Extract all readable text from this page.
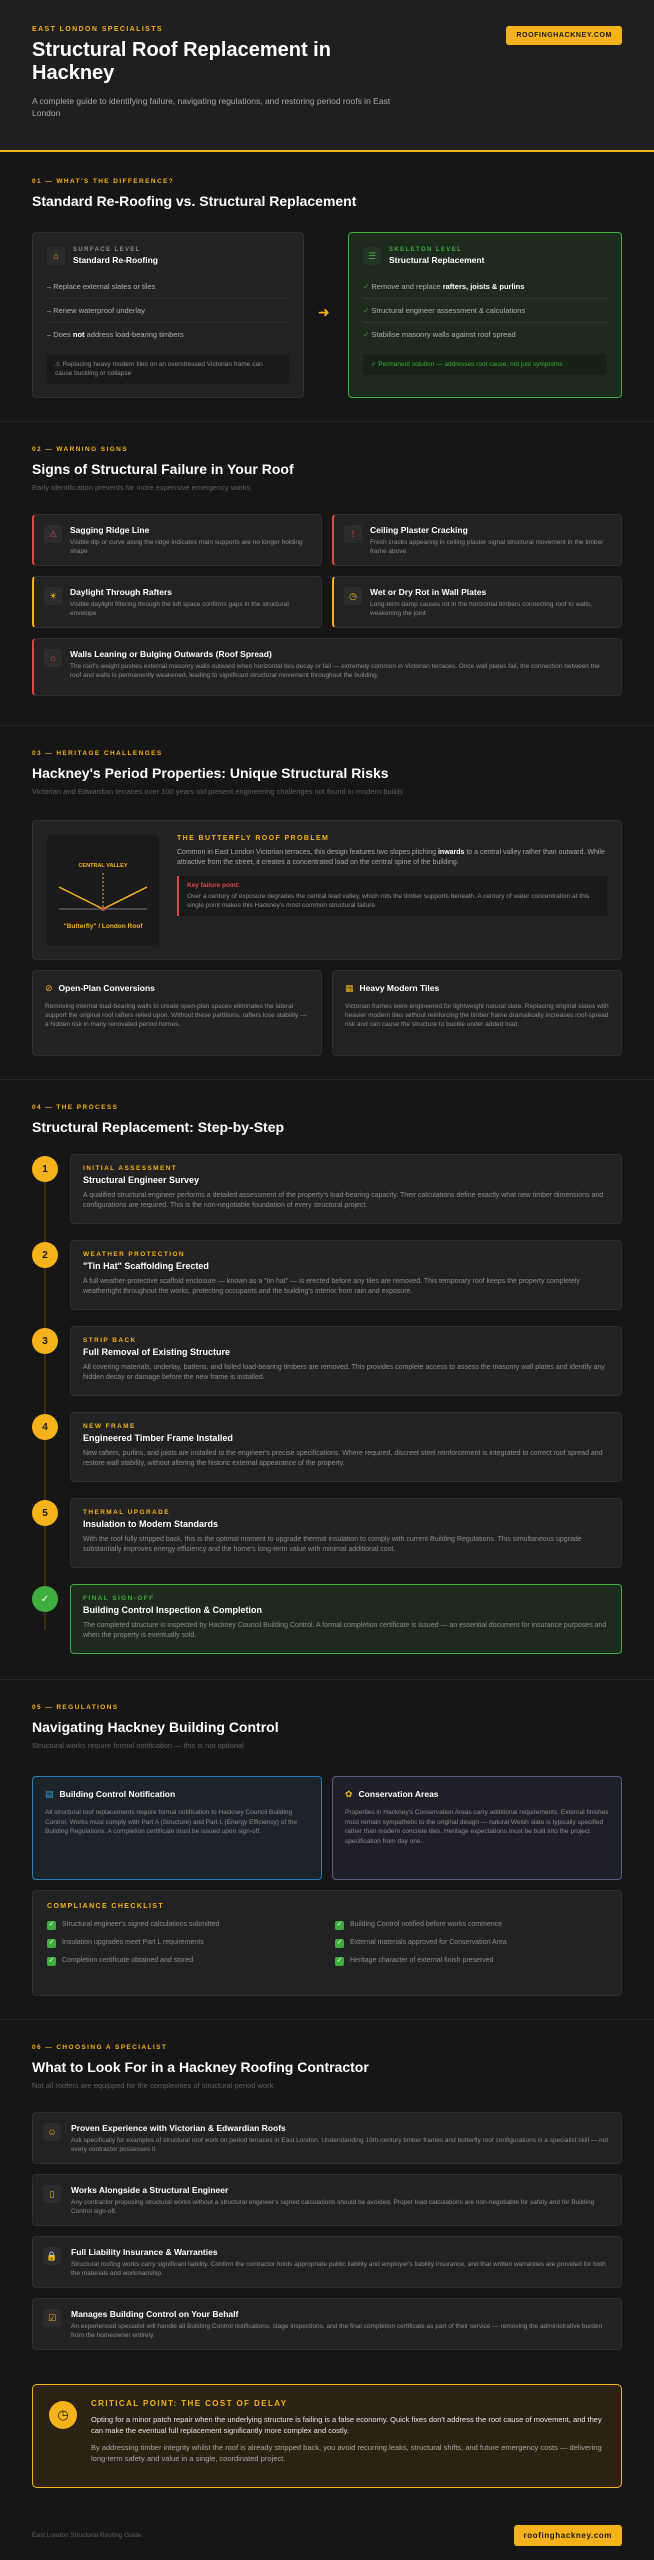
EAST LONDON SPECIALISTS
Structural Roof Replacement in Hackney

A complete guide to identifying failure, navigating regulations, and restoring period roofs in East London

ROOFINGHACKNEY.COM
01 — WHAT'S THE DIFFERENCE?
Standard Re-Roofing vs. Structural Replacement
⌂
SURFACE LEVEL
Standard Re-Roofing
– Replace external slates or tiles
– Renew waterproof underlay
– Does not address load-bearing timbers
⚠ Replacing heavy modern tiles on an overstressed Victorian frame can cause buckling or collapse
➜
☰
SKELETON LEVEL
Structural Replacement
✓ Remove and replace rafters, joists & purlins
✓ Structural engineer assessment & calculations
✓ Stabilise masonry walls against roof spread
✓ Permanent solution — addresses root cause, not just symptoms
02 — WARNING SIGNS
Signs of Structural Failure in Your Roof
Early identification prevents far more expensive emergency works
⚠	Sagging Ridge Line
Visible dip or curve along the ridge indicates main supports are no longer holding shape
!	Ceiling Plaster Cracking
Fresh cracks appearing in ceiling plaster signal structural movement in the timber frame above
☀	Daylight Through Rafters
Visible daylight filtering through the loft space confirms gaps in the structural envelope
◷	Wet or Dry Rot in Wall Plates
Long-term damp causes rot in the horizontal timbers connecting roof to walls, weakening the joint
⌂	Walls Leaning or Bulging Outwards (Roof Spread)
The roof's weight pushes external masonry walls outward when horizontal ties decay or fail — extremely common in Victorian terraces. Once wall plates fail, the connection between the roof and walls is permanently weakened, leading to significant structural movement throughout the building.
03 — HERITAGE CHALLENGES
Hackney's Period Properties: Unique Structural Risks
Victorian and Edwardian terraces over 100 years old present engineering challenges not found in modern builds
CENTRAL VALLEY
"Butterfly" / London Roof
THE BUTTERFLY ROOF PROBLEM
Common in East London Victorian terraces, this design features two slopes pitching inwards to a central valley rather than outward. While attractive from the street, it creates a concentrated load on the central spine of the building.
Key failure point:
Over a century of exposure degrades the central lead valley, which rots the timber supports beneath. A century of water concentration at this single point makes this Hackney's most common structural failure.
⊘ Open-Plan Conversions
Removing internal load-bearing walls to create open-plan spaces eliminates the lateral support the original roof rafters relied upon. Without these partitions, rafters lose stability — a hidden risk in many renovated period homes.
▦ Heavy Modern Tiles
Victorian frames were engineered for lightweight natural slate. Replacing original slates with heavier modern tiles without reinforcing the timber frame dramatically increases roof-spread risk and can cause the structure to buckle under added load.
04 — THE PROCESS
Structural Replacement: Step-by-Step
1	INITIAL ASSESSMENT
Structural Engineer Survey
A qualified structural engineer performs a detailed assessment of the property's load-bearing capacity. Their calculations define exactly what new timber dimensions and configurations are required. This is the non-negotiable foundation of every structural project.
2	WEATHER PROTECTION
"Tin Hat" Scaffolding Erected
A full weather-protective scaffold enclosure — known as a "tin hat" — is erected before any tiles are removed. This temporary roof keeps the property completely weathertight throughout the works, protecting occupants and the building's interior from rain and exposure.
3	STRIP BACK
Full Removal of Existing Structure
All covering materials, underlay, battens, and failed load-bearing timbers are removed. This provides complete access to assess the masonry wall plates and identify any hidden decay or damage before the new frame is installed.
4	NEW FRAME
Engineered Timber Frame Installed
New rafters, purlins, and joists are installed to the engineer's precise specifications. Where required, discreet steel reinforcement is integrated to correct roof spread and restore wall stability, without altering the historic external appearance of the property.
5	THERMAL UPGRADE
Insulation to Modern Standards
With the roof fully stripped back, this is the optimal moment to upgrade thermal insulation to comply with current Building Regulations. This simultaneous upgrade substantially improves energy efficiency and the home's long-term value with minimal additional cost.
✓	FINAL SIGN-OFF
Building Control Inspection & Completion
The completed structure is inspected by Hackney Council Building Control. A formal completion certificate is issued — an essential document for insurance purposes and when the property is eventually sold.
05 — REGULATIONS
Navigating Hackney Building Control
Structural works require formal notification — this is not optional
▤ Building Control Notification
All structural roof replacements require formal notification to Hackney Council Building Control. Works must comply with Part A (Structure) and Part L (Energy Efficiency) of the Building Regulations. A completion certificate must be issued upon sign-off.
✿ Conservation Areas
Properties in Hackney's Conservation Areas carry additional requirements. External finishes must remain sympathetic to the original design — natural Welsh slate is typically specified rather than modern concrete tiles. Heritage expectations must be built into the project specification from day one.
COMPLIANCE CHECKLIST
✓ Structural engineer's signed calculations submitted	✓ Building Control notified before works commence
✓ Insulation upgrades meet Part L requirements	✓ External materials approved for Conservation Area
✓ Completion certificate obtained and stored	✓ Heritage character of external finish preserved
06 — CHOOSING A SPECIALIST
What to Look For in a Hackney Roofing Contractor
Not all roofers are equipped for the complexities of structural period work
☺	Proven Experience with Victorian & Edwardian Roofs
Ask specifically for examples of structural roof work on period terraces in East London. Understanding 19th-century timber frames and butterfly roof configurations is a specialist skill — not every contractor possesses it.
▯	Works Alongside a Structural Engineer
Any contractor proposing structural works without a structural engineer's signed calculations should be avoided. Proper load calculations are non-negotiable for safety and for Building Control sign-off.
🔒	Full Liability Insurance & Warranties
Structural roofing works carry significant liability. Confirm the contractor holds appropriate public liability and employer's liability insurance, and that written warranties are provided for both the materials and workmanship.
☑	Manages Building Control on Your Behalf
An experienced specialist will handle all Building Control notifications, stage inspections, and the final completion certificate as part of their service — removing the administrative burden from the homeowner entirely.
◷
CRITICAL POINT: THE COST OF DELAY
Opting for a minor patch repair when the underlying structure is failing is a false economy. Quick fixes don't address the root cause of movement, and they can make the eventual full replacement significantly more complex and costly.
By addressing timber integrity whilst the roof is already stripped back, you avoid recurring leaks, structural shifts, and future emergency costs — delivering long-term safety and value in a single, coordinated project.
East London Structural Roofing Guide	roofinghackney.com
